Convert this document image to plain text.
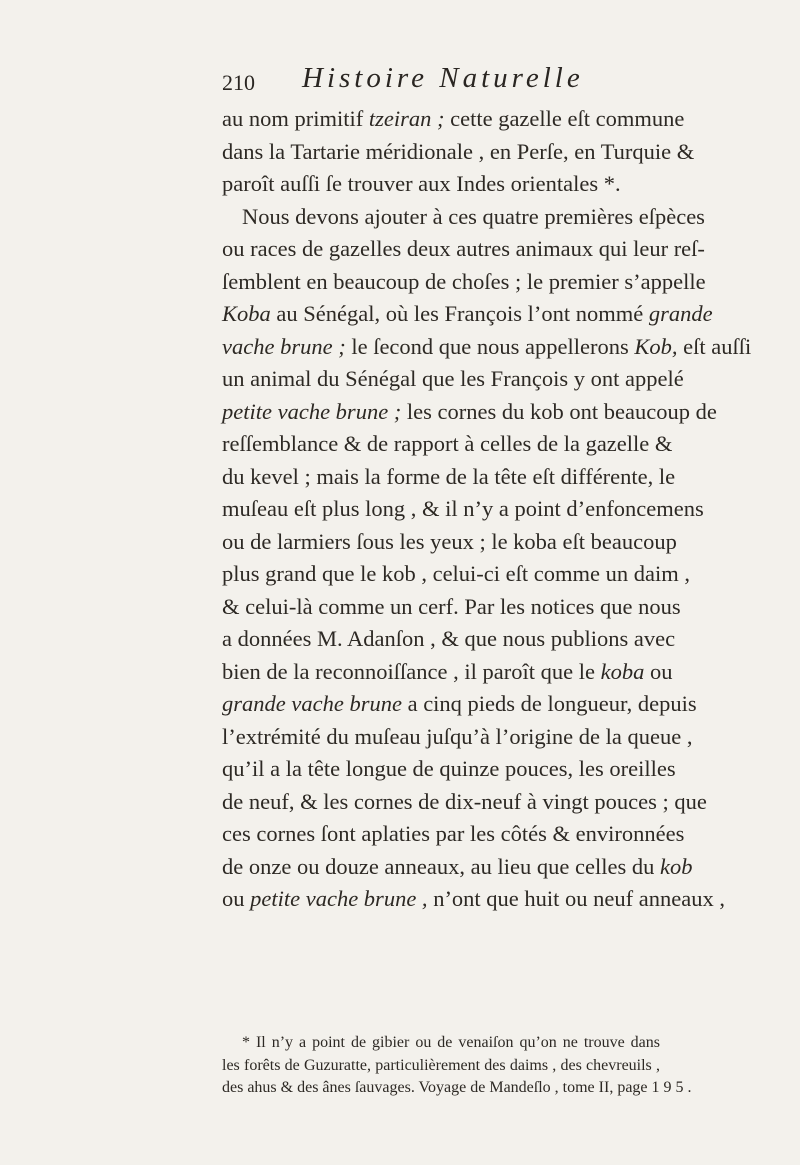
210 Histoire Naturelle
au nom primitif tzeiran ; cette gazelle eſt commune
dans la Tartarie méridionale , en Perſe, en Turquie &
paroît auſſi ſe trouver aux Indes orientales *.
Nous devons ajouter à ces quatre premières eſpèces
ou races de gazelles deux autres animaux qui leur reſ-
ſemblent en beaucoup de choſes ; le premier s’appelle
Koba au Sénégal, où les François l’ont nommé grande
vache brune ; le ſecond que nous appellerons Kob, eſt auſſi
un animal du Sénégal que les François y ont appelé
petite vache brune ; les cornes du kob ont beaucoup de
reſſemblance & de rapport à celles de la gazelle &
du kevel ; mais la forme de la tête eſt différente, le
muſeau eſt plus long , & il n’y a point d’enfoncemens
ou de larmiers ſous les yeux ; le koba eſt beaucoup
plus grand que le kob , celui-ci eſt comme un daim ,
& celui-là comme un cerf. Par les notices que nous
a données M. Adanſon , & que nous publions avec
bien de la reconnoiſſance , il paroît que le koba ou
grande vache brune a cinq pieds de longueur, depuis
l’extrémité du muſeau juſqu’à l’origine de la queue ,
qu’il a la tête longue de quinze pouces, les oreilles
de neuf, & les cornes de dix-neuf à vingt pouces ; que
ces cornes ſont aplaties par les côtés & environnées
de onze ou douze anneaux, au lieu que celles du kob
ou petite vache brune , n’ont que huit ou neuf anneaux ,
* Il n’y a point de gibier ou de venaiſon qu’on ne trouve dans
les forêts de Guzuratte, particulièrement des daims , des chevreuils ,
des ahus & des ânes ſauvages. Voyage de Mandeſlo , tome II, page 1 9 5 .
